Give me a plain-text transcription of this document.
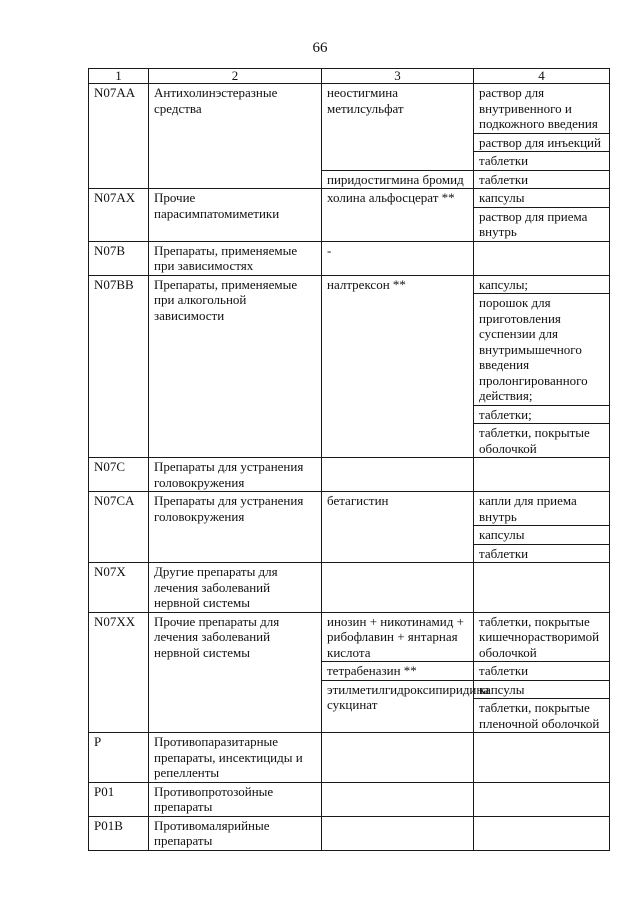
66
1	2	3	4
N07AA	Антихолинэстеразные средства	неостигмина метилсульфат	раствор для внутривенного и подкожного введения
			раствор для инъекций
			таблетки
		пиридостигмина бромид	таблетки
N07AX	Прочие парасимпатомиметики	холина альфосцерат **	капсулы
			раствор для приема внутрь
N07B	Препараты, применяемые при зависимостях	-	
N07BB	Препараты, применяемые при алкогольной зависимости	налтрексон **	капсулы;
			порошок для приготовления суспензии для внутримышечного введения пролонгированного действия;
			таблетки;
			таблетки, покрытые оболочкой
N07C	Препараты для устранения головокружения		
N07CA	Препараты для устранения головокружения	бетагистин	капли для приема внутрь
			капсулы
			таблетки
N07X	Другие препараты для лечения заболеваний нервной системы		
N07XX	Прочие препараты для лечения заболеваний нервной системы	инозин + никотинамид + рибофлавин + янтарная кислота	таблетки, покрытые кишечнорастворимой оболочкой
		тетрабеназин **	таблетки
		этилметилгидроксипиридина сукцинат	капсулы
			таблетки, покрытые пленочной оболочкой
P	Противопаразитарные препараты, инсектициды и репелленты		
P01	Противопротозойные препараты		
P01B	Противомалярийные препараты		
